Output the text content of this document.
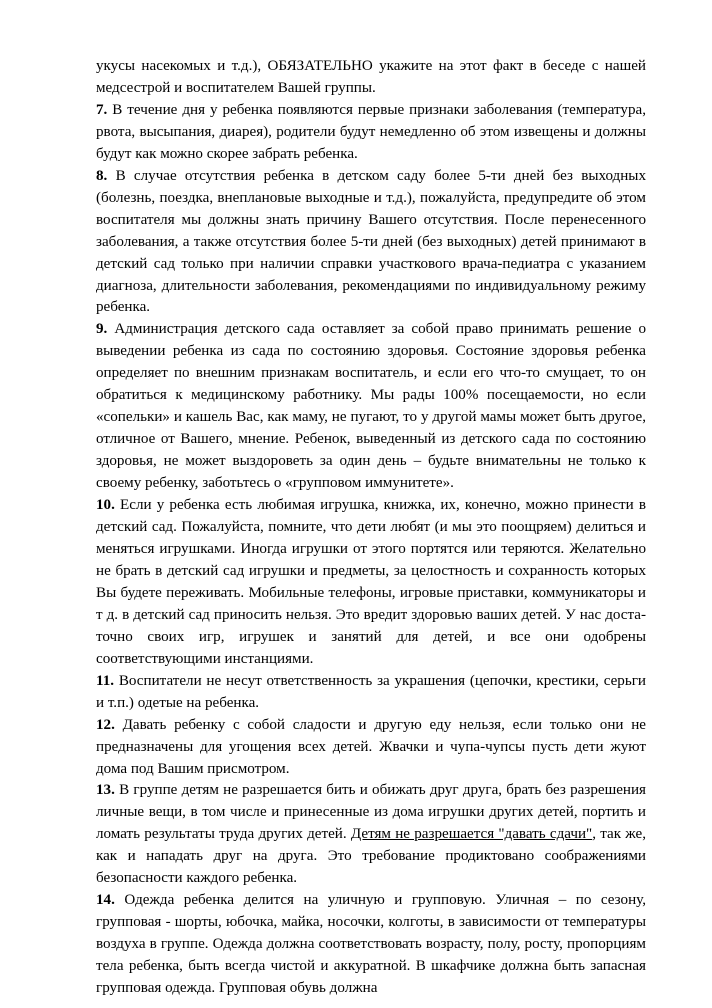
укусы насекомых и т.д.), ОБЯЗАТЕЛЬНО укажите на этот факт в беседе с нашей медсестрой и воспитателем Вашей группы.

7. В течение дня у ребенка появляются первые признаки заболевания (температура, рвота, высыпания, диарея), родители будут немедленно об этом извещены и должны будут как можно скорее забрать ребенка.

8. В случае отсутствия ребенка в детском саду более 5-ти дней без выходных (болезнь, поездка, внеплановые выходные и т.д.), пожалуйста, предупредите об этом воспитателя мы должны знать причину Вашего отсутствия. После перенесенного заболевания, а также отсутствия более 5-ти дней (без выходных) детей принимают в детский сад только при наличии справки участкового врача-педиатра с указанием диагноза, длительности заболевания, рекомендациями по индивидуальному режиму ребенка.

9. Администрация детского сада оставляет за собой право принимать решение о выведении ребенка из сада по состоянию здоровья. Состояние здоровья ребенка определяет по внешним признакам воспитатель, и если его что-то смущает, то он обратиться к медицинскому работнику. Мы рады 100% посещаемости, но если «сопельки» и кашель Вас, как маму, не пугают, то у другой мамы может быть другое, отличное от Вашего, мнение. Ребенок, выведенный из детского сада по состоянию здоровья, не может выздороветь за один день – будьте внимательны не только к своему ребенку, заботьтесь о «групповом иммунитете».

10. Если у ребенка есть любимая игрушка, книжка, их, конечно, можно принести в детский сад. Пожалуйста, помните, что дети любят (и мы это поощряем) делиться и меняться игрушками. Иногда игрушки от этого портятся или теряются. Желательно не брать в детский сад игрушки и предметы, за целостность и сохранность которых Вы будете переживать. Мобильные телефоны, игровые приставки, коммуникаторы и т д. в детский сад приносить нельзя. Это вредит здоровью ваших детей. У нас доста-точно своих игр, игрушек и занятий для детей, и все они одобрены соответствующими инстанциями.

11. Воспитатели не несут ответственность за украшения (цепочки, крестики, серьги и т.п.) одетые на ребенка.

12. Давать ребенку с собой сладости и другую еду нельзя, если только они не предназначены для угощения всех детей. Жвачки и чупа-чупсы пусть дети жуют дома под Вашим присмотром.

13. В группе детям не разрешается бить и обижать друг друга, брать без разрешения личные вещи, в том числе и принесенные из дома игрушки других детей, портить и ломать результаты труда других детей. Детям не разрешается "давать сдачи", так же, как и нападать друг на друга. Это требование продиктовано соображениями безопасности каждого ребенка.

14. Одежда ребенка делится на уличную и групповую. Уличная – по сезону, групповая - шорты, юбочка, майка, носочки, колготы, в зависимости от температуры воздуха в группе. Одежда должна соответствовать возрасту, полу, росту, пропорциям тела ребенка, быть всегда чистой и аккуратной. В шкафчике должна быть запасная групповая одежда. Групповая обувь должна
